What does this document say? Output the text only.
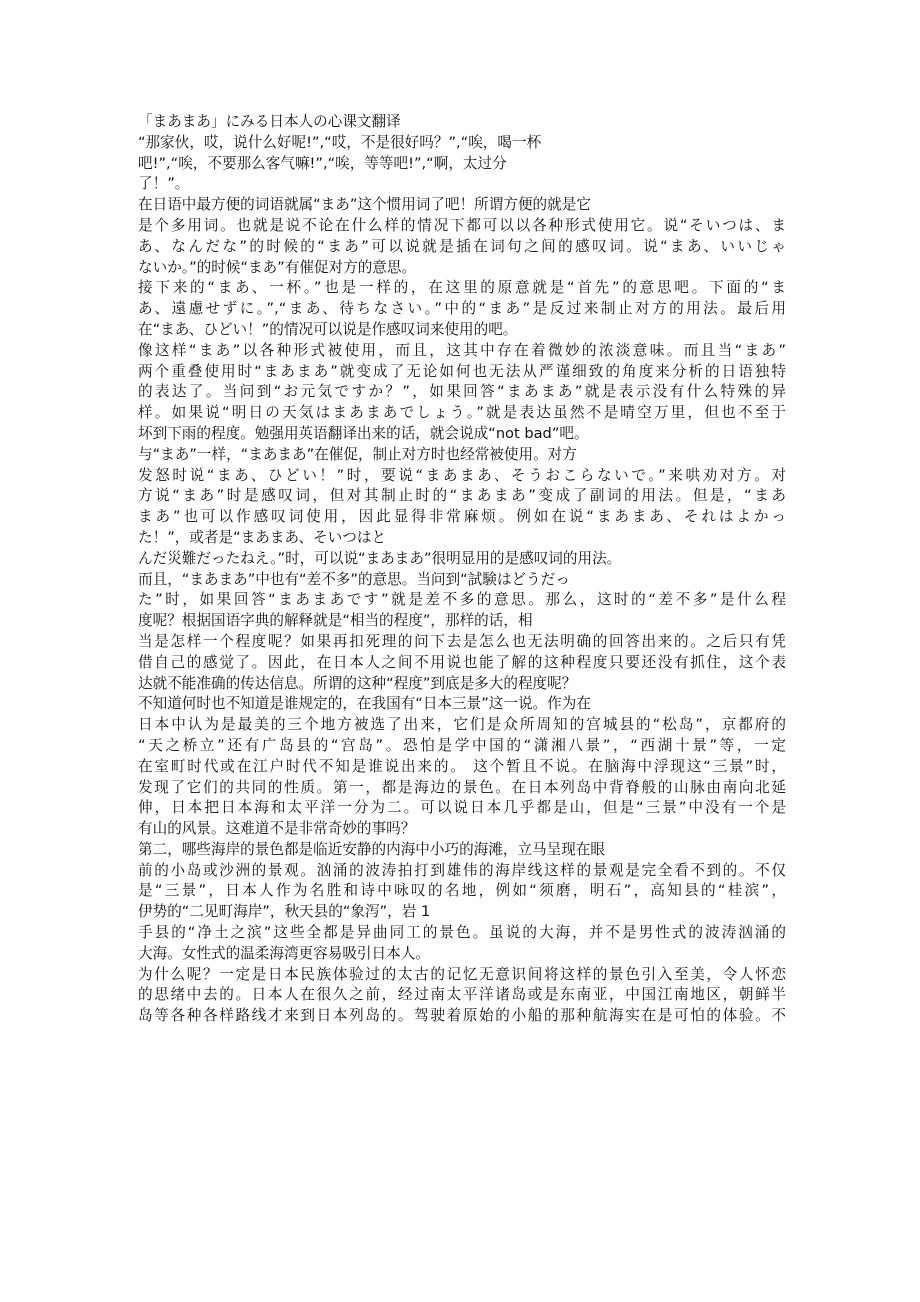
「まあまあ」にみる日本人の心课文翻译
“那家伙，哎，说什么好呢!”,“哎，不是很好吗？”,“唉，喝一杯
吧!”,“唉，不要那么客气嘛!”,“唉，等等吧!”,“啊，太过分
了！”。
在日语中最方便的词语就属“まあ”这个惯用词了吧！所谓方便的就是它
是个多用词。也就是说不论在什么样的情况下都可以以各种形式使用它。说“そいつは、ま
あ、なんだな”的时候的“まあ”可以说就是插在词句之间的感叹词。说“まあ、いいじゃ
ないか。”的时候“まあ”有催促对方的意思。
接下来的“まあ、一杯。”也是一样的，在这里的原意就是“首先”的意思吧。下面的“ま
あ、遠慮せずに。”,“まあ、待ちなさい。”中的“まあ”是反过来制止对方的用法。最后用
在“まあ、ひどい！”的情况可以说是作感叹词来使用的吧。
像这样“まあ”以各种形式被使用，而且，这其中存在着微妙的浓淡意味。而且当“まあ”
两个重叠使用时“まあまあ”就变成了无论如何也无法从严谨细致的角度来分析的日语独特
的表达了。当问到“お元気ですか？”，如果回答“まあまあ”就是表示没有什么特殊的异
样。如果说“明日の天気はまあまあでしょう。”就是表达虽然不是晴空万里，但也不至于
坏到下雨的程度。勉强用英语翻译出来的话，就会说成“not bad”吧。
与“まあ”一样，“まあまあ”在催促，制止对方时也经常被使用。对方
发怒时说“まあ、ひどい！”时，要说“まあまあ、そうおこらないで。”来哄劝对方。对
方说“まあ”时是感叹词，但对其制止时的“まあまあ”变成了副词的用法。但是，“まあ
まあ”也可以作感叹词使用，因此显得非常麻烦。例如在说“まあまあ、それはよかっ
た！”，或者是“まあまあ、そいつはと
んだ災難だったねえ。”时，可以说“まあまあ”很明显用的是感叹词的用法。
而且，“まあまあ”中也有“差不多”的意思。当问到“試験はどうだっ
た”时，如果回答“まあまあです”就是差不多的意思。那么，这时的“差不多”是什么程
度呢？根据国语字典的解释就是“相当的程度”，那样的话，相
当是怎样一个程度呢？如果再扣死理的问下去是怎么也无法明确的回答出来的。之后只有凭
借自己的感觉了。因此，在日本人之间不用说也能了解的这种程度只要还没有抓住，这个表
达就不能准确的传达信息。所谓的这种“程度”到底是多大的程度呢？
不知道何时也不知道是谁规定的，在我国有“日本三景”这一说。作为在
日本中认为是最美的三个地方被选了出来，它们是众所周知的宫城县的“松岛”，京都府的
“天之桥立”还有广岛县的“宫岛”。恐怕是学中国的“潇湘八景”，“西湖十景”等，一定
在室町时代或在江户时代不知是谁说出来的。 这个暂且不说。在脑海中浮现这“三景”时，
发现了它们的共同的性质。第一，都是海边的景色。在日本列岛中背脊般的山脉由南向北延
伸，日本把日本海和太平洋一分为二。可以说日本几乎都是山，但是“三景”中没有一个是
有山的风景。这难道不是非常奇妙的事吗？
第二，哪些海岸的景色都是临近安静的内海中小巧的海滩，立马呈现在眼
前的小岛或沙洲的景观。汹涌的波涛拍打到雄伟的海岸线这样的景观是完全看不到的。不仅
是“三景”，日本人作为名胜和诗中咏叹的名地，例如“须磨，明石”，高知县的“桂滨”，
伊势的“二见町海岸”，秋天县的“象泻”，岩 1
手县的“净土之滨”这些全都是异曲同工的景色。虽说的大海，并不是男性式的波涛汹涌的
大海。女性式的温柔海湾更容易吸引日本人。
为什么呢？一定是日本民族体验过的太古的记忆无意识间将这样的景色引入至美，令人怀恋
的思绪中去的。日本人在很久之前，经过南太平洋诸岛或是东南亚，中国江南地区，朝鲜半
岛等各种各样路线才来到日本列岛的。驾驶着原始的小船的那种航海实在是可怕的体验。不
